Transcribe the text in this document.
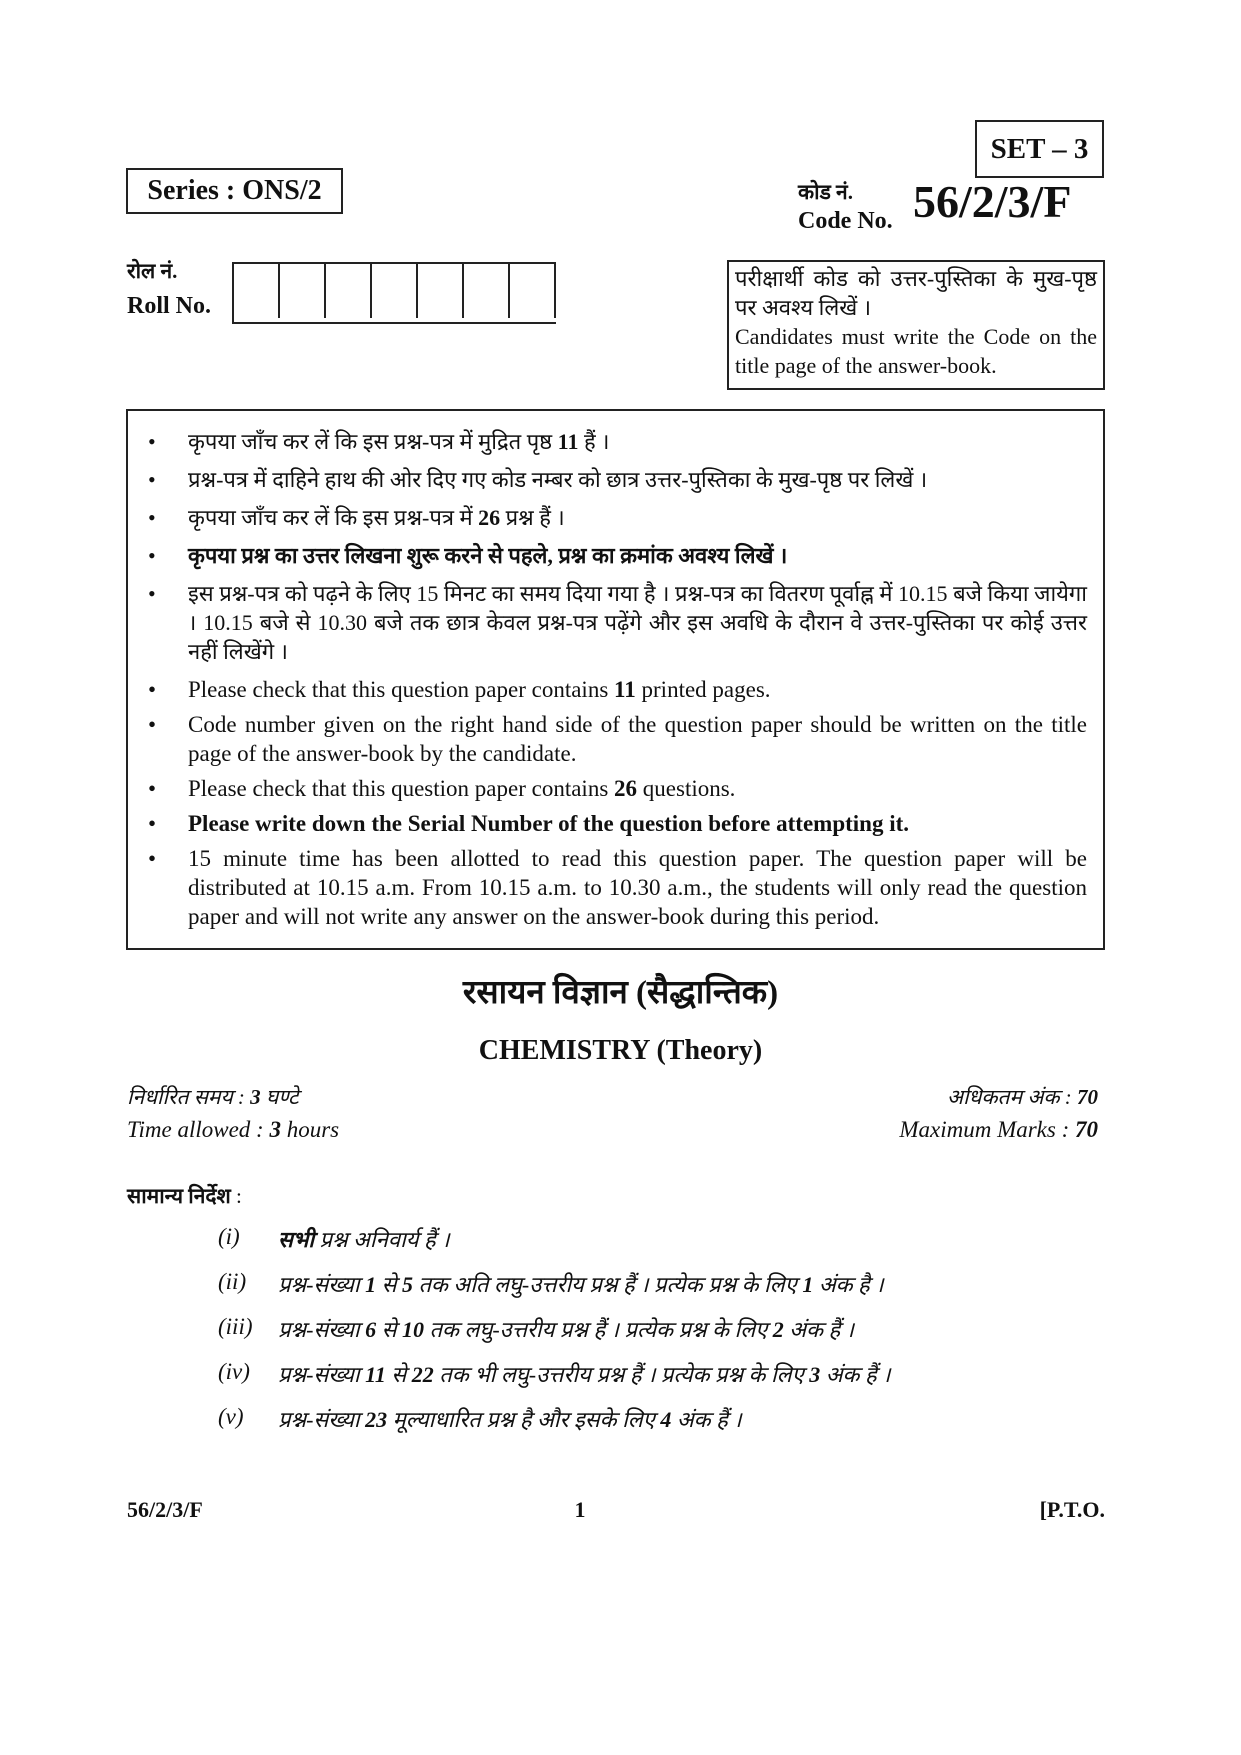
SET – 3
Series : ONS/2	कोड नं.
Code No. 56/2/3/F
रोल नं.
Roll No.

परीक्षार्थी कोड को उत्तर-पुस्तिका के मुख-पृष्ठ पर अवश्य लिखें ।

Candidates must write the Code on the title page of the answer-book.

• कृपया जाँच कर लें कि इस प्रश्न-पत्र में मुद्रित पृष्ठ 11 हैं ।
• प्रश्न-पत्र में दाहिने हाथ की ओर दिए गए कोड नम्बर को छात्र उत्तर-पुस्तिका के मुख-पृष्ठ पर लिखें ।
• कृपया जाँच कर लें कि इस प्रश्न-पत्र में 26 प्रश्न हैं ।
• कृपया प्रश्न का उत्तर लिखना शुरू करने से पहले, प्रश्न का क्रमांक अवश्य लिखें ।
• इस प्रश्न-पत्र को पढ़ने के लिए 15 मिनट का समय दिया गया है । प्रश्न-पत्र का वितरण पूर्वाह्न में 10.15 बजे किया जायेगा । 10.15 बजे से 10.30 बजे तक छात्र केवल प्रश्न-पत्र पढ़ेंगे और इस अवधि के दौरान वे उत्तर-पुस्तिका पर कोई उत्तर नहीं लिखेंगे ।
• Please check that this question paper contains 11 printed pages.
• Code number given on the right hand side of the question paper should be written on the title page of the answer-book by the candidate.
• Please check that this question paper contains 26 questions.
• Please write down the Serial Number of the question before attempting it.
• 15 minute time has been allotted to read this question paper. The question paper will be distributed at 10.15 a.m. From 10.15 a.m. to 10.30 a.m., the students will only read the question paper and will not write any answer on the answer-book during this period.
रसायन विज्ञान (सैद्धान्तिक)
CHEMISTRY (Theory)
निर्धारित समय : 3 घण्टे
Time allowed : 3 hours
अधिकतम अंक : 70
Maximum Marks : 70
सामान्य निर्देश :
(i)	सभी प्रश्न अनिवार्य हैं ।
(ii)	प्रश्न-संख्या 1 से 5 तक अति लघु-उत्तरीय प्रश्न हैं । प्रत्येक प्रश्न के लिए 1 अंक है ।
(iii)	प्रश्न-संख्या 6 से 10 तक लघु-उत्तरीय प्रश्न हैं । प्रत्येक प्रश्न के लिए 2 अंक हैं ।
(iv)	प्रश्न-संख्या 11 से 22 तक भी लघु-उत्तरीय प्रश्न हैं । प्रत्येक प्रश्न के लिए 3 अंक हैं ।
(v)	प्रश्न-संख्या 23 मूल्याधारित प्रश्न है और इसके लिए 4 अंक हैं ।
56/2/3/F	1	[P.T.O.
